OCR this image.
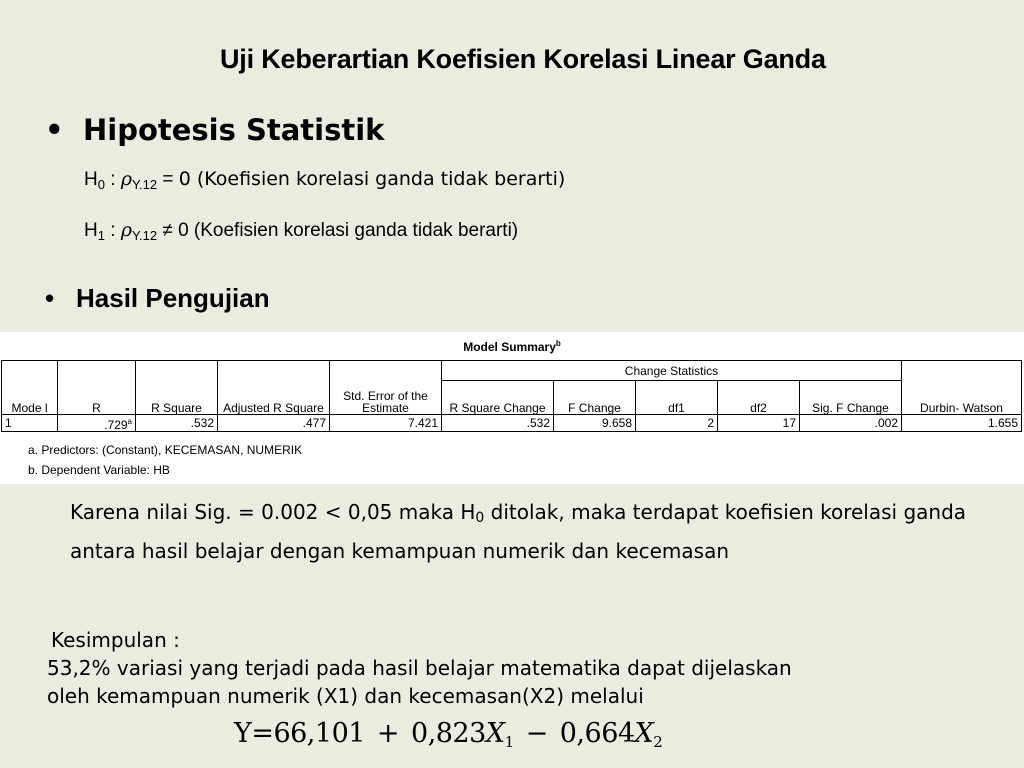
Uji Keberartian Koefisien Korelasi Linear Ganda
• Hipotesis Statistik
$H_0$ : $\rho_{Y.12} = 0$ (Koefisien korelasi ganda tidak berarti)
$H_1$ : $\rho_{Y.12} \ne 0$ (Koefisien korelasi ganda tidak berarti)
• Hasil Pengujian
Model Summary$^b$
Mode l	R	R Square	Adjusted R Square	Std. Error of the Estimate	Change Statistics					Durbin- Watson
					R Square Change	F Change	df1	df2	Sig. F Change	
1	.729$^a$	.532	.477	7.421	.532	9.658	2	17	.002	1.655
a. Predictors: (Constant), KECEMASAN, NUMERIK
b. Dependent Variable: HB
Karena nilai Sig. = 0.002 < 0,05 maka $H_0$ ditolak, maka terdapat koefisien korelasi ganda antara hasil belajar dengan kemampuan numerik dan kecemasan
Kesimpulan :
53,2% variasi yang terjadi pada hasil belajar matematika dapat dijelaskan
oleh kemampuan numerik (X1) dan kecemasan(X2) melalui
$Y=66,101 + 0,823X_1 - 0,664X_2$
